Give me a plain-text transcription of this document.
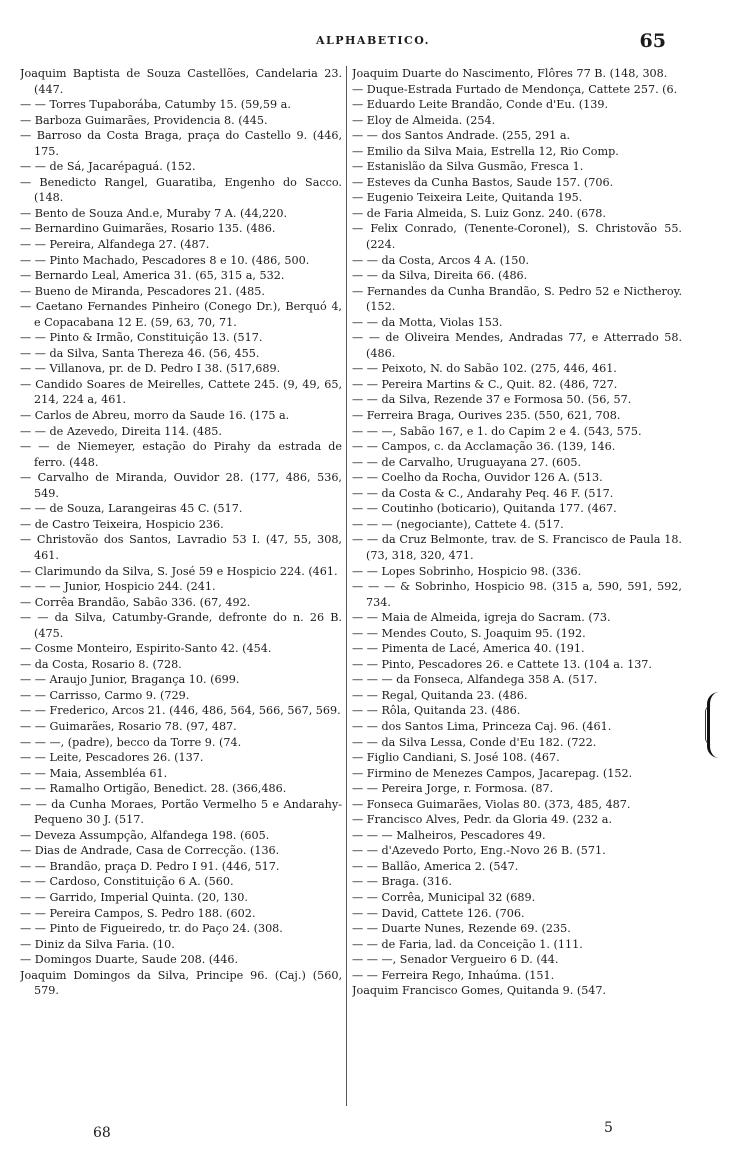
ALPHABETICO.	65

Joaquim Baptista de Souza Castellões, Candelaria 23. (447.

— — Torres Tupaborába, Catumby 15. (59,59 a.

— Barboza Guimarães, Providencia 8. (445.

— Barroso da Costa Braga, praça do Castello 9. (446, 175.

— — de Sá, Jacarépaguá. (152.

— Benedicto Rangel, Guaratiba, Engenho do Sacco. (148.

— Bento de Souza And.e, Muraby 7 A. (44,220.

— Bernardino Guimarães, Rosario 135. (486.

— — Pereira, Alfandega 27. (487.

— — Pinto Machado, Pescadores 8 e 10. (486, 500.

— Bernardo Leal, America 31. (65, 315 a, 532.

— Bueno de Miranda, Pescadores 21. (485.

— Caetano Fernandes Pinheiro (Conego Dr.), Berquó 4, e Copacabana 12 E. (59, 63, 70, 71.

— — Pinto & Irmão, Constituição 13. (517.

— — da Silva, Santa Thereza 46. (56, 455.

— — Villanova, pr. de D. Pedro I 38. (517,689.

— Candido Soares de Meirelles, Cattete 245. (9, 49, 65, 214, 224 a, 461.

— Carlos de Abreu, morro da Saude 16. (175 a.

— — de Azevedo, Direita 114. (485.

— — de Niemeyer, estação do Pirahy da estrada de ferro. (448.

— Carvalho de Miranda, Ouvidor 28. (177, 486, 536, 549.

— — de Souza, Larangeiras 45 C. (517.

— de Castro Teixeira, Hospicio 236.

— Christovão dos Santos, Lavradio 53 I. (47, 55, 308, 461.

— Clarimundo da Silva, S. José 59 e Hospicio 224. (461.

— — — Junior, Hospicio 244. (241.

— Corrêa Brandão, Sabão 336. (67, 492.

— — da Silva, Catumby-Grande, defronte do n. 26 B. (475.

— Cosme Monteiro, Espirito-Santo 42. (454.

— da Costa, Rosario 8. (728.

— — Araujo Junior, Bragança 10. (699.

— — Carrisso, Carmo 9. (729.

— — Frederico, Arcos 21. (446, 486, 564, 566, 567, 569.

— — Guimarães, Rosario 78. (97, 487.

— — —, (padre), becco da Torre 9. (74.

— — Leite, Pescadores 26. (137.

— — Maia, Assembléa 61.

— — Ramalho Ortigão, Benedict. 28. (366,486.

— — da Cunha Moraes, Portão Vermelho 5 e Andarahy-Pequeno 30 J. (517.

— Deveza Assumpção, Alfandega 198. (605.

— Dias de Andrade, Casa de Correcção. (136.

— — Brandão, praça D. Pedro I 91. (446, 517.

— — Cardoso, Constituição 6 A. (560.

— — Garrido, Imperial Quinta. (20, 130.

— — Pereira Campos, S. Pedro 188. (602.

— — Pinto de Figueiredo, tr. do Paço 24. (308.

— Diniz da Silva Faria. (10.

— Domingos Duarte, Saude 208. (446.

Joaquim Domingos da Silva, Principe 96. (Caj.) (560, 579.

Joaquim Duarte do Nascimento, Flôres 77 B. (148, 308.

— Duque-Estrada Furtado de Mendonça, Cattete 257. (6.

— Eduardo Leite Brandão, Conde d'Eu. (139.

— Eloy de Almeida. (254.

— — dos Santos Andrade. (255, 291 a.

— Emilio da Silva Maia, Estrella 12, Rio Comp.

— Estanislão da Silva Gusmão, Fresca 1.

— Esteves da Cunha Bastos, Saude 157. (706.

— Eugenio Teixeira Leite, Quitanda 195.

— de Faria Almeida, S. Luiz Gonz. 240. (678.

— Felix Conrado, (Tenente-Coronel), S. Christovão 55. (224.

— — da Costa, Arcos 4 A. (150.

— — da Silva, Direita 66. (486.

— Fernandes da Cunha Brandão, S. Pedro 52 e Nictheroy. (152.

— — da Motta, Violas 153.

— — de Oliveira Mendes, Andradas 77, e Atterrado 58. (486.

— — Peixoto, N. do Sabão 102. (275, 446, 461.

— — Pereira Martins & C., Quit. 82. (486, 727.

— — da Silva, Rezende 37 e Formosa 50. (56, 57.

— Ferreira Braga, Ourives 235. (550, 621, 708.

— — —, Sabão 167, e 1. do Capim 2 e 4. (543, 575.

— — Campos, c. da Acclamação 36. (139, 146.

— — de Carvalho, Uruguayana 27. (605.

— — Coelho da Rocha, Ouvidor 126 A. (513.

— — da Costa & C., Andarahy Peq. 46 F. (517.

— — Coutinho (boticario), Quitanda 177. (467.

— — — (negociante), Cattete 4. (517.

— — da Cruz Belmonte, trav. de S. Francisco de Paula 18. (73, 318, 320, 471.

— — Lopes Sobrinho, Hospicio 98. (336.

— — — & Sobrinho, Hospicio 98. (315 a, 590, 591, 592, 734.

— — Maia de Almeida, igreja do Sacram. (73.

— — Mendes Couto, S. Joaquim 95. (192.

— — Pimenta de Lacé, America 40. (191.

— — Pinto, Pescadores 26. e Cattete 13. (104 a. 137.

— — — da Fonseca, Alfandega 358 A. (517.

— — Regal, Quitanda 23. (486.

— — Rôla, Quitanda 23. (486.

— — dos Santos Lima, Princeza Caj. 96. (461.

— — da Silva Lessa, Conde d'Eu 182. (722.

— Figlio Candiani, S. José 108. (467.

— Firmino de Menezes Campos, Jacarepag. (152.

— — Pereira Jorge, r. Formosa. (87.

— Fonseca Guimarães, Violas 80. (373, 485, 487.

— Francisco Alves, Pedr. da Gloria 49. (232 a.

— — — Malheiros, Pescadores 49.

— — d'Azevedo Porto, Eng.-Novo 26 B. (571.

— — Ballão, America 2. (547.

— — Braga. (316.

— — Corrêa, Municipal 32 (689.

— — David, Cattete 126. (706.

— — Duarte Nunes, Rezende 69. (235.

— — de Faria, lad. da Conceição 1. (111.

— — —, Senador Vergueiro 6 D. (44.

— — Ferreira Rego, Inhaúma. (151.

Joaquim Francisco Gomes, Quitanda 9. (547.

68	5
